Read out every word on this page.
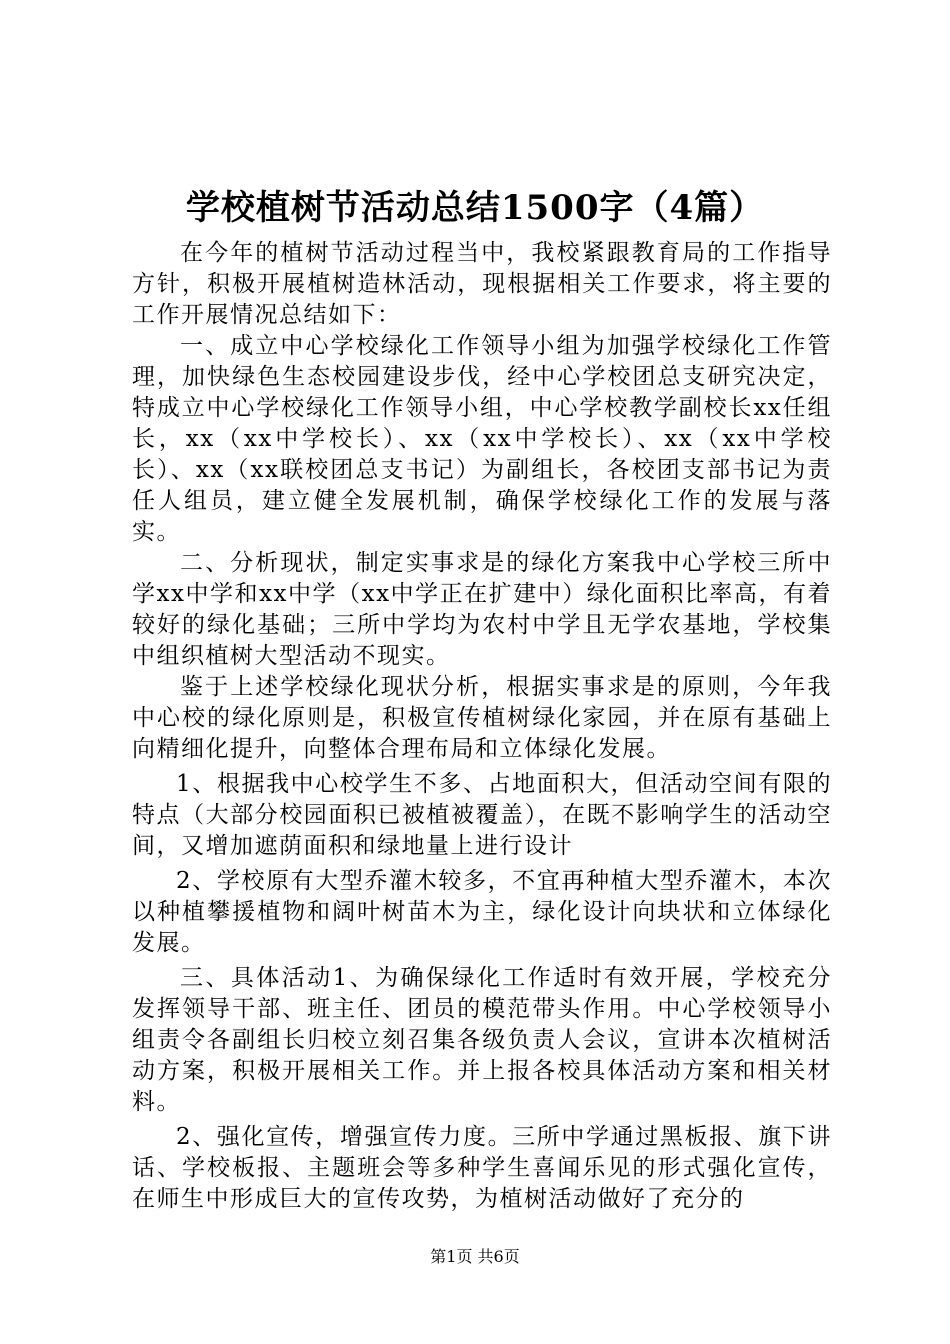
学校植树节活动总结1500字（4篇）

在今年的植树节活动过程当中，我校紧跟教育局的工作指导方针，积极开展植树造林活动，现根据相关工作要求，将主要的工作开展情况总结如下：

一、成立中心学校绿化工作领导小组为加强学校绿化工作管理，加快绿色生态校园建设步伐，经中心学校团总支研究决定，特成立中心学校绿化工作领导小组，中心学校教学副校长xx任组长，xx（xx中学校长）、xx（xx中学校长）、xx（xx中学校长）、xx（xx联校团总支书记）为副组长，各校团支部书记为责任人组员，建立健全发展机制，确保学校绿化工作的发展与落实。

二、分析现状，制定实事求是的绿化方案我中心学校三所中学xx中学和xx中学（xx中学正在扩建中）绿化面积比率高，有着较好的绿化基础；三所中学均为农村中学且无学农基地，学校集中组织植树大型活动不现实。

鉴于上述学校绿化现状分析，根据实事求是的原则，今年我中心校的绿化原则是，积极宣传植树绿化家园，并在原有基础上向精细化提升，向整体合理布局和立体绿化发展。

1、根据我中心校学生不多、占地面积大，但活动空间有限的特点（大部分校园面积已被植被覆盖），在既不影响学生的活动空间，又增加遮荫面积和绿地量上进行设计

2、学校原有大型乔灌木较多，不宜再种植大型乔灌木，本次以种植攀援植物和阔叶树苗木为主，绿化设计向块状和立体绿化发展。

三、具体活动1、为确保绿化工作适时有效开展，学校充分发挥领导干部、班主任、团员的模范带头作用。中心学校领导小组责令各副组长归校立刻召集各级负责人会议，宣讲本次植树活动方案，积极开展相关工作。并上报各校具体活动方案和相关材料。

2、强化宣传，增强宣传力度。三所中学通过黑板报、旗下讲话、学校板报、主题班会等多种学生喜闻乐见的形式强化宣传，在师生中形成巨大的宣传攻势，为植树活动做好了充分的

第1页 共6页
